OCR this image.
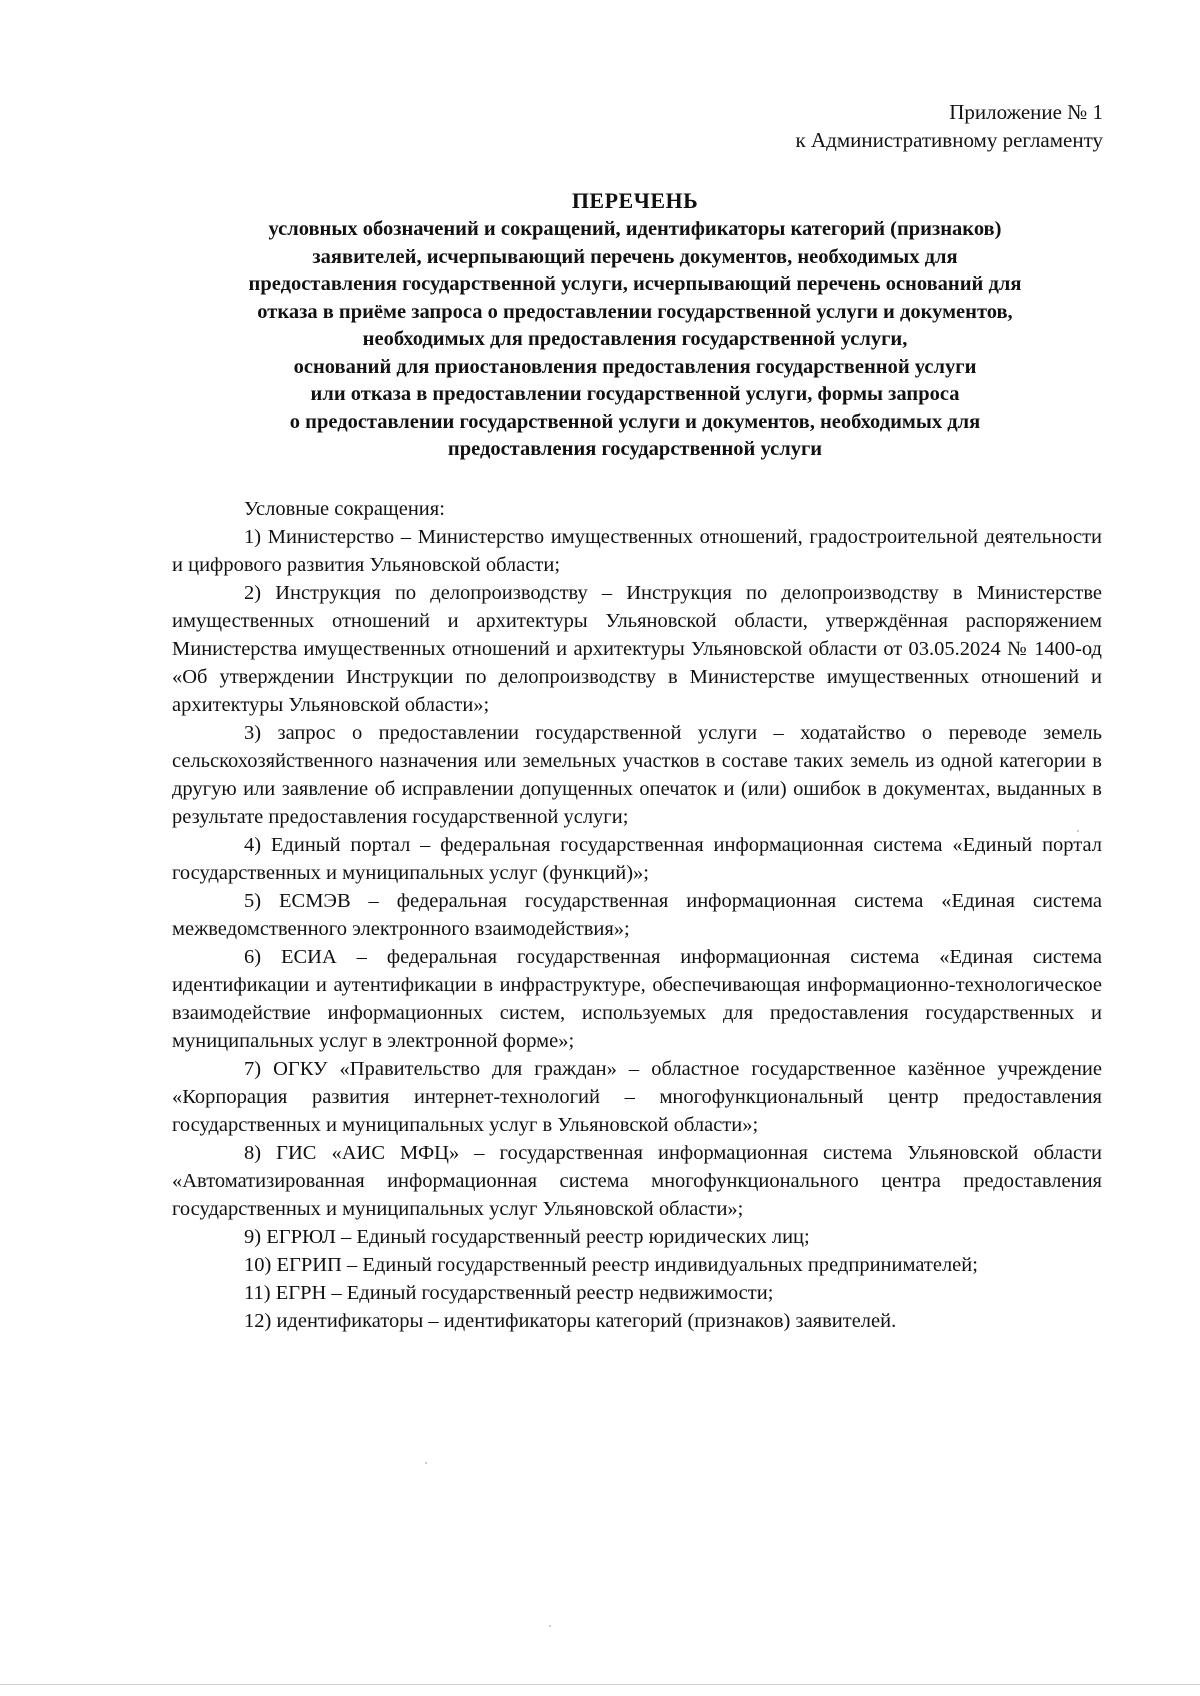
Приложение № 1
к Административному регламенту
ПЕРЕЧЕНЬ
условных обозначений и сокращений, идентификаторы категорий (признаков)
заявителей, исчерпывающий перечень документов, необходимых для
предоставления государственной услуги, исчерпывающий перечень оснований для
отказа в приёме запроса о предоставлении государственной услуги и документов,
необходимых для предоставления государственной услуги,
оснований для приостановления предоставления государственной услуги
или отказа в предоставлении государственной услуги, формы запроса
о предоставлении государственной услуги и документов, необходимых для
предоставления государственной услуги

Условные сокращения:

1) Министерство – Министерство имущественных отношений, градостроительной деятельности и цифрового развития Ульяновской области;

2) Инструкция по делопроизводству – Инструкция по делопроизводству в Министерстве имущественных отношений и архитектуры Ульяновской области, утверждённая распоряжением Министерства имущественных отношений и архитектуры Ульяновской области от 03.05.2024 № 1400-од «Об утверждении Инструкции по делопроизводству в Министерстве имущественных отношений и архитектуры Ульяновской области»;

3) запрос о предоставлении государственной услуги – ходатайство о переводе земель сельскохозяйственного назначения или земельных участков в составе таких земель из одной категории в другую или заявление об исправлении допущенных опечаток и (или) ошибок в документах, выданных в результате предоставления государственной услуги;

4) Единый портал – федеральная государственная информационная система «Единый портал государственных и муниципальных услуг (функций)»;

5) ЕСМЭВ – федеральная государственная информационная система «Единая система межведомственного электронного взаимодействия»;

6) ЕСИА – федеральная государственная информационная система «Единая система идентификации и аутентификации в инфраструктуре, обеспечивающая информационно-технологическое взаимодействие информационных систем, используемых для предоставления государственных и муниципальных услуг в электронной форме»;

7) ОГКУ «Правительство для граждан» – областное государственное казённое учреждение «Корпорация развития интернет-технологий – многофункциональный центр предоставления государственных и муниципальных услуг в Ульяновской области»;

8) ГИС «АИС МФЦ» – государственная информационная система Ульяновской области «Автоматизированная информационная система многофункционального центра предоставления государственных и муниципальных услуг Ульяновской области»;

9) ЕГРЮЛ – Единый государственный реестр юридических лиц;

10) ЕГРИП – Единый государственный реестр индивидуальных предпринимателей;

11) ЕГРН – Единый государственный реестр недвижимости;

12) идентификаторы – идентификаторы категорий (признаков) заявителей.
